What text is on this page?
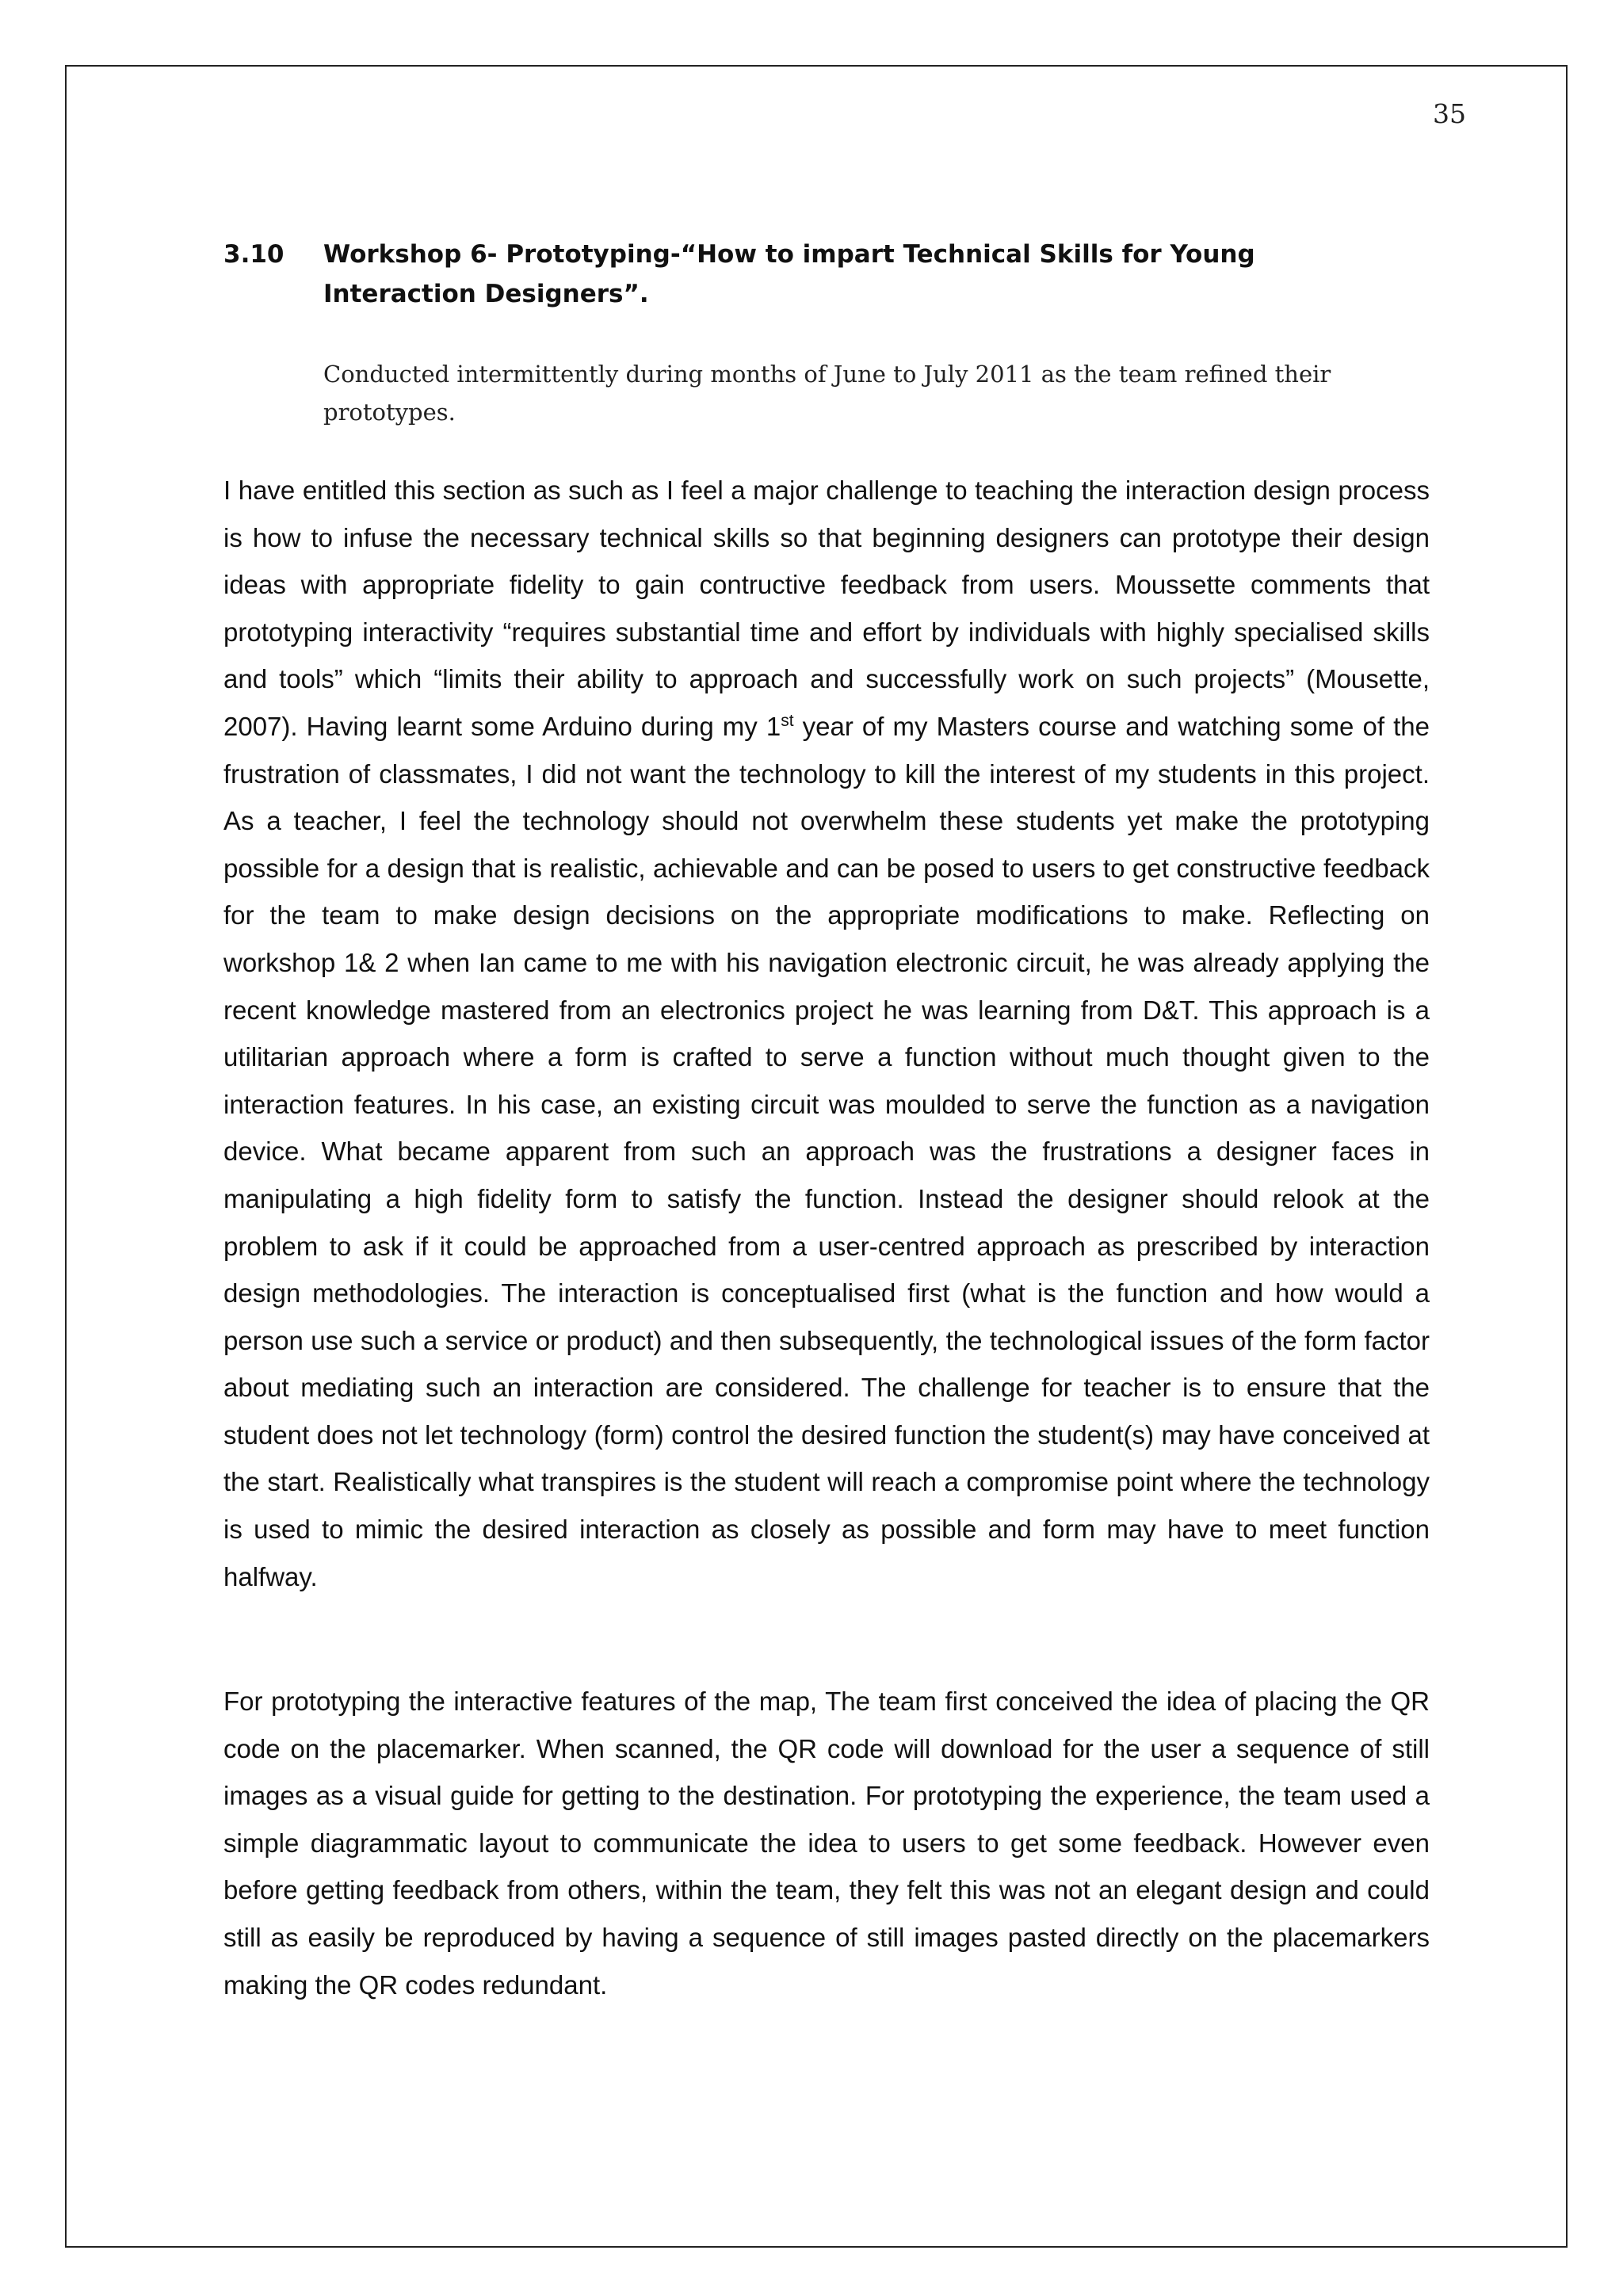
35
3.10 Workshop 6- Prototyping-“How to impart Technical Skills for Young Interaction Designers”.
Conducted intermittently during months of June to July 2011 as the team refined their prototypes.

I have entitled this section as such as I feel a major challenge to teaching the interaction design process is how to infuse the necessary technical skills so that beginning designers can prototype their design ideas with appropriate fidelity to gain contructive feedback from users. Moussette comments that prototyping interactivity “requires substantial time and effort by individuals with highly specialised skills and tools” which “limits their ability to approach and successfully work on such projects” (Mousette, 2007). Having learnt some Arduino during my 1st year of my Masters course and watching some of the frustration of classmates, I did not want the technology to kill the interest of my students in this project. As a teacher, I feel the technology should not overwhelm these students yet make the prototyping possible for a design that is realistic, achievable and can be posed to users to get constructive feedback for the team to make design decisions on the appropriate modifications to make. Reflecting on workshop 1& 2 when Ian came to me with his navigation electronic circuit, he was already applying the recent knowledge mastered from an electronics project he was learning from D&T. This approach is a utilitarian approach where a form is crafted to serve a function without much thought given to the interaction features. In his case, an existing circuit was moulded to serve the function as a navigation device. What became apparent from such an approach was the frustrations a designer faces in manipulating a high fidelity form to satisfy the function. Instead the designer should relook at the problem to ask if it could be approached from a user-centred approach as prescribed by interaction design methodologies. The interaction is conceptualised first (what is the function and how would a person use such a service or product) and then subsequently, the technological issues of the form factor about mediating such an interaction are considered. The challenge for teacher is to ensure that the student does not let technology (form) control the desired function the student(s) may have conceived at the start. Realistically what transpires is the student will reach a compromise point where the technology is used to mimic the desired interaction as closely as possible and form may have to meet function halfway.

For prototyping the interactive features of the map, The team first conceived the idea of placing the QR code on the placemarker. When scanned, the QR code will download for the user a sequence of still images as a visual guide for getting to the destination. For prototyping the experience, the team used a simple diagrammatic layout to communicate the idea to users to get some feedback. However even before getting feedback from others, within the team, they felt this was not an elegant design and could still as easily be reproduced by having a sequence of still images pasted directly on the placemarkers making the QR codes redundant.
